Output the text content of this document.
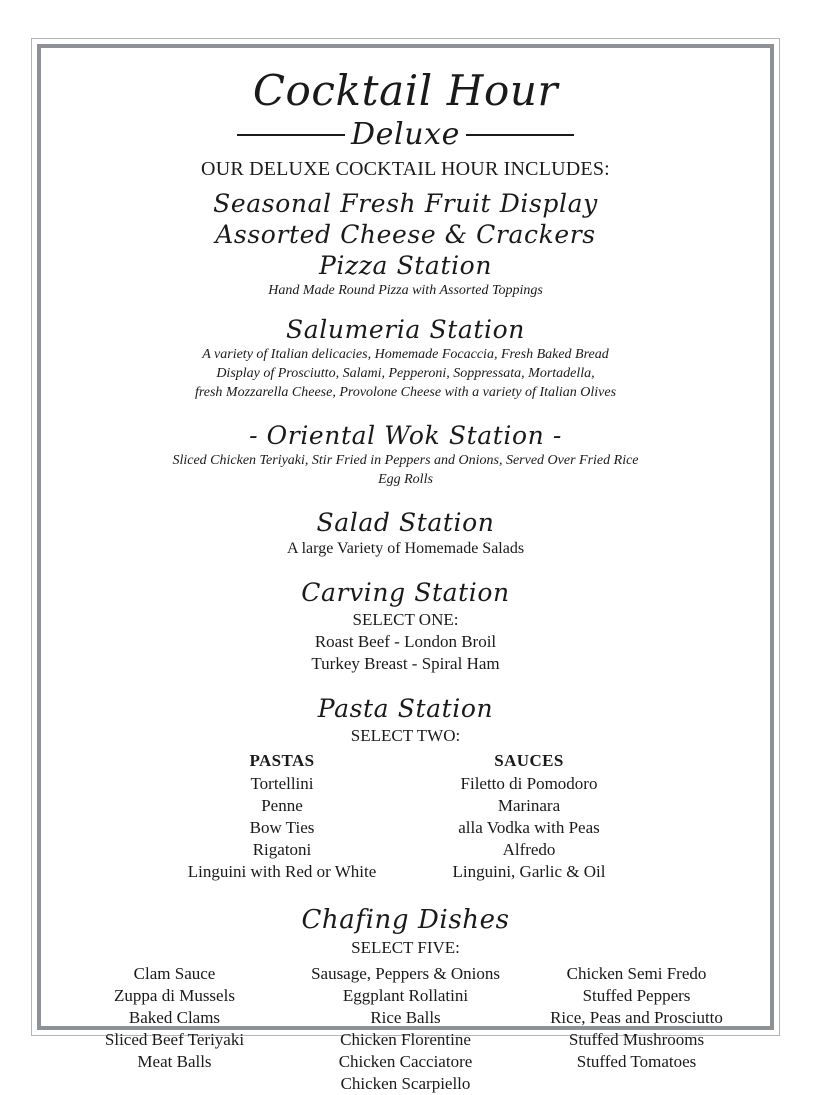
Cocktail Hour
Deluxe
OUR DELUXE COCKTAIL HOUR INCLUDES:
Seasonal Fresh Fruit Display
Assorted Cheese & Crackers
Pizza Station
Hand Made Round Pizza with Assorted Toppings
Salumeria Station
A variety of Italian delicacies, Homemade Focaccia, Fresh Baked Bread
Display of Prosciutto, Salami, Pepperoni, Soppressata, Mortadella,
fresh Mozzarella Cheese, Provolone Cheese with a variety of Italian Olives
- Oriental Wok Station -
Sliced Chicken Teriyaki, Stir Fried in Peppers and Onions, Served Over Fried Rice
Egg Rolls
Salad Station
A large Variety of Homemade Salads
Carving Station
SELECT ONE:
Roast Beef - London Broil
Turkey Breast - Spiral Ham
Pasta Station
SELECT TWO:
PASTAS
Tortellini
Penne
Bow Ties
Rigatoni
Linguini with Red or White
SAUCES
Filetto di Pomodoro
Marinara
alla Vodka with Peas
Alfredo
Linguini, Garlic & Oil
Chafing Dishes
SELECT FIVE:
Clam Sauce
Zuppa di Mussels
Baked Clams
Sliced Beef Teriyaki
Meat Balls
Sausage, Peppers & Onions
Eggplant Rollatini
Rice Balls
Chicken Florentine
Chicken Cacciatore
Chicken Scarpiello
Chicken Semi Fredo
Stuffed Peppers
Rice, Peas and Prosciutto
Stuffed Mushrooms
Stuffed Tomatoes
